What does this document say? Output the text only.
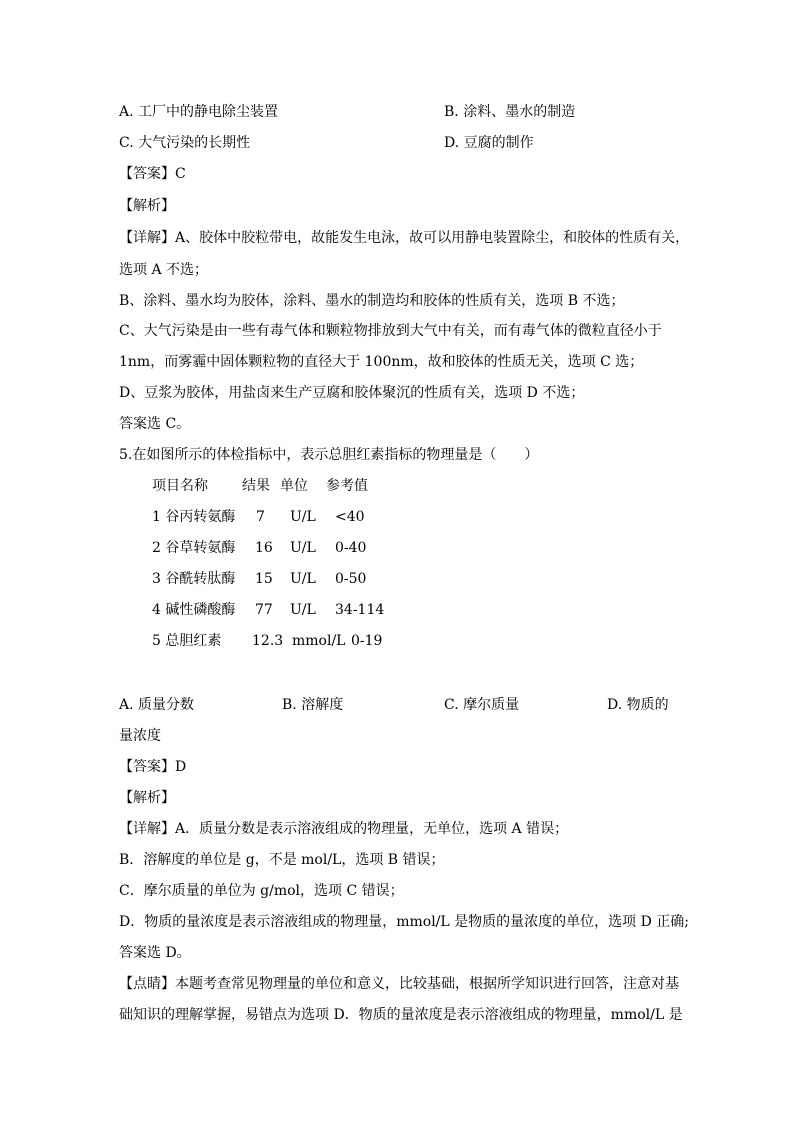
A. 工厂中的静电除尘装置	B. 涂料、墨水的制造
C. 大气污染的长期性	D. 豆腐的制作
【答案】C
【解析】
【详解】A、胶体中胶粒带电，故能发生电泳，故可以用静电装置除尘，和胶体的性质有关，
选项 A 不选；
B、涂料、墨水均为胶体，涂料、墨水的制造均和胶体的性质有关，选项 B 不选；
C、大气污染是由一些有毒气体和颗粒物排放到大气中有关，而有毒气体的微粒直径小于
1nm，而雾霾中固体颗粒物的直径大于 100nm，故和胶体的性质无关，选项 C 选；
D、豆浆为胶体，用盐卤来生产豆腐和胶体聚沉的性质有关，选项 D 不选；
答案选 C。
5.在如图所示的体检指标中，表示总胆红素指标的物理量是（　　）
项目名称 结果 单位 参考值
1 谷丙转氨酶 7 U/L <40
2 谷草转氨酶 16 U/L 0-40
3 谷酰转肽酶 15 U/L 0-50
4 碱性磷酸酶 77 U/L 34-114
5 总胆红素 12.3 mmol/L 0-19
A. 质量分数	B. 溶解度	C. 摩尔质量	D. 物质的
量浓度
【答案】D
【解析】
【详解】A．质量分数是表示溶液组成的物理量，无单位，选项 A 错误；
B．溶解度的单位是 g，不是 mol/L，选项 B 错误；
C．摩尔质量的单位为 g/mol，选项 C 错误；
D．物质的量浓度是表示溶液组成的物理量，mmol/L 是物质的量浓度的单位，选项 D 正确;
答案选 D。
【点睛】本题考查常见物理量的单位和意义，比较基础，根据所学知识进行回答，注意对基
础知识的理解掌握，易错点为选项 D．物质的量浓度是表示溶液组成的物理量，mmol/L 是
